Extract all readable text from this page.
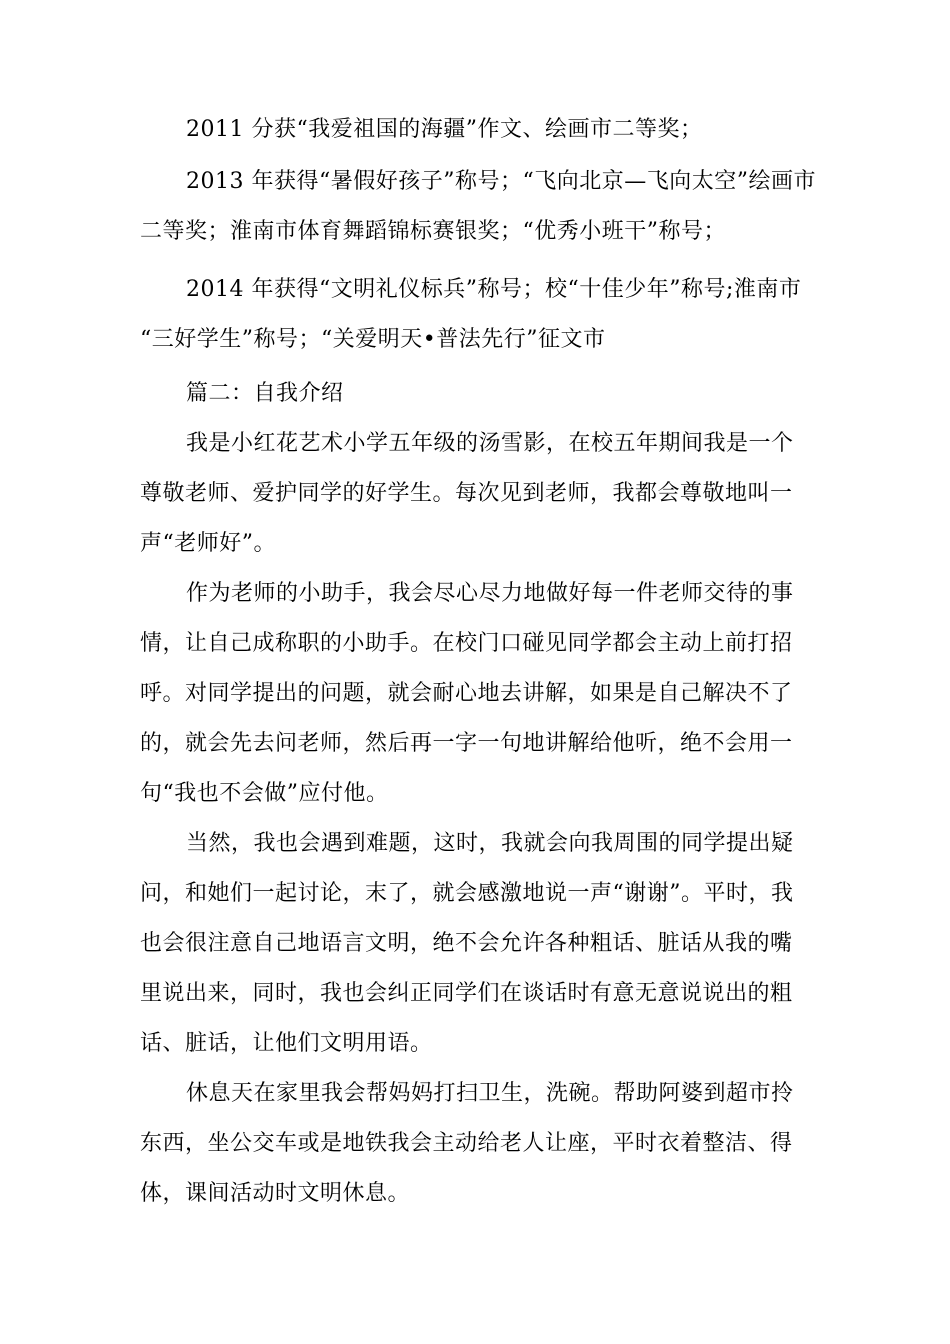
2011 分获“我爱祖国的海疆”作文、绘画市二等奖；
2013 年获得“暑假好孩子”称号；“飞向北京—飞向太空”绘画市
二等奖；淮南市体育舞蹈锦标赛银奖；“优秀小班干”称号；
2014 年获得“文明礼仪标兵”称号；校“十佳少年”称号;淮南市
“三好学生”称号；“关爱明天•普法先行”征文市
篇二：自我介绍
我是小红花艺术小学五年级的汤雪影，在校五年期间我是一个
尊敬老师、爱护同学的好学生。每次见到老师，我都会尊敬地叫一
声“老师好”。
作为老师的小助手，我会尽心尽力地做好每一件老师交待的事
情，让自己成称职的小助手。在校门口碰见同学都会主动上前打招
呼。对同学提出的问题，就会耐心地去讲解，如果是自己解决不了
的，就会先去问老师，然后再一字一句地讲解给他听，绝不会用一
句“我也不会做”应付他。
当然，我也会遇到难题，这时，我就会向我周围的同学提出疑
问，和她们一起讨论，末了，就会感激地说一声“谢谢”。平时，我
也会很注意自己地语言文明，绝不会允许各种粗话、脏话从我的嘴
里说出来，同时，我也会纠正同学们在谈话时有意无意说说出的粗
话、脏话，让他们文明用语。
休息天在家里我会帮妈妈打扫卫生，洗碗。帮助阿婆到超市拎
东西，坐公交车或是地铁我会主动给老人让座，平时衣着整洁、得
体，课间活动时文明休息。
